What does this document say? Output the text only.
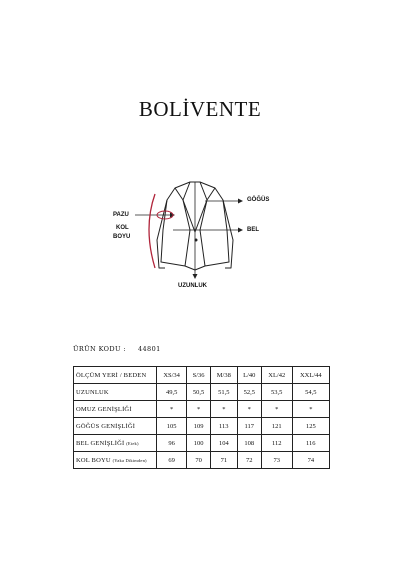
BOLİVENTE
GÖĞÜS
PAZU
BEL
KOL
BOYU
UZUNLUK
ÜRÜN KODU : 44801
ÖLÇÜM YERİ / BEDEN	XS/34	S/36	M/38	L/40	XL/42	XXL/44
UZUNLUK	49,5	50,5	51,5	52,5	53,5	54,5
OMUZ GENİŞLİĞİ	*	*	*	*	*	*
GÖĞÜS GENİŞLİĞİ	105	109	113	117	121	125
BEL GENİŞLİĞİ (Etek)	96	100	104	108	112	116
KOL BOYU (Yaka Dikimden)	69	70	71	72	73	74
